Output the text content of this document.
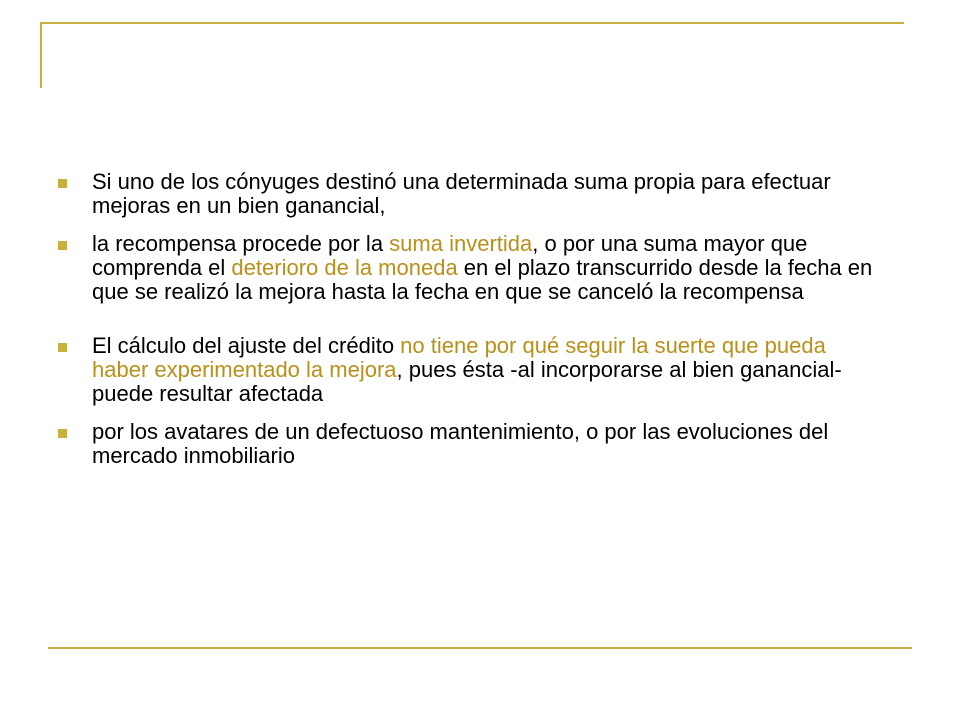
Si uno de los cónyuges destinó una determinada suma propia para efectuar mejoras en un bien ganancial,
la recompensa procede por la suma invertida, o por una suma mayor que comprenda el deterioro de la moneda en el plazo transcurrido desde la fecha en que se realizó la mejora hasta la fecha en que se canceló la recompensa
El cálculo del ajuste del crédito no tiene por qué seguir la suerte que pueda haber experimentado la mejora, pues ésta -al incorporarse al bien ganancial- puede resultar afectada
por los avatares de un defectuoso mantenimiento, o por las evoluciones del mercado inmobiliario
